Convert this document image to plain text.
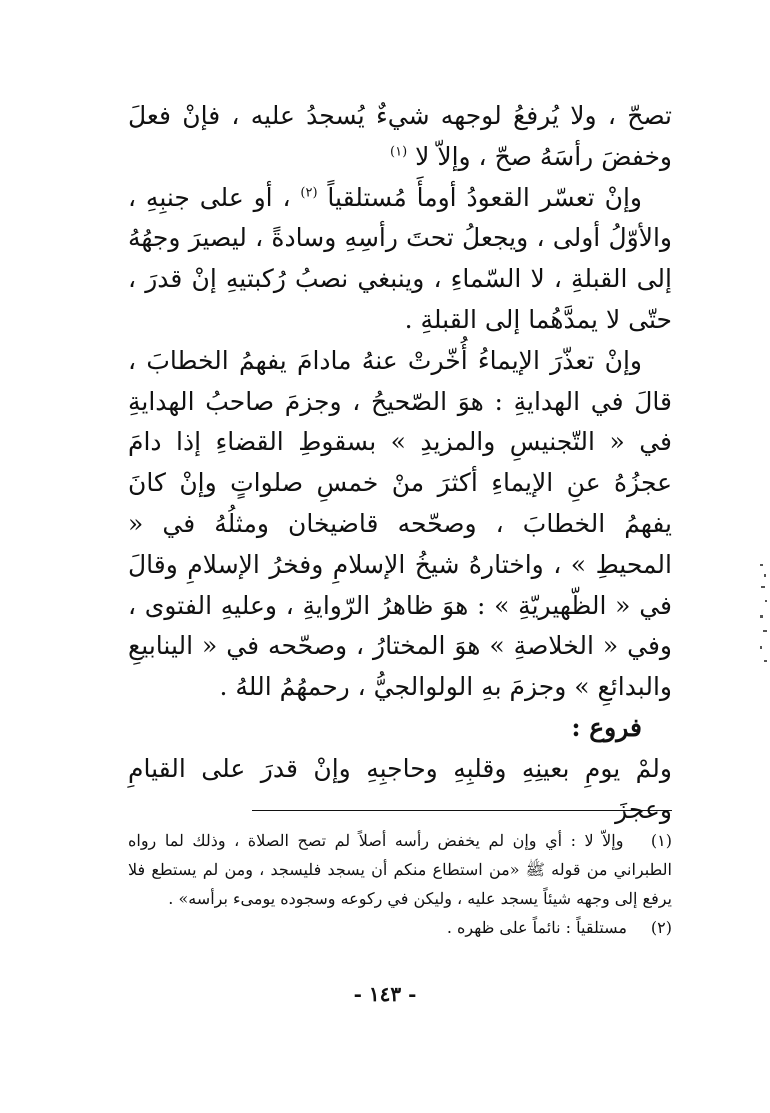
تصحّ ، ولا يُرفعُ لوجهه شيءٌ يُسجدُ عليه ، فإنْ فعلَ وخفضَ رأسَهُ صحّ ، وإلاّ لا $^{(١)}$

وإنْ تعسّر القعودُ أومأَ مُستلقياً $^{(٢)}$ ، أو على جنبِهِ ، والأوّلُ أولى ، ويجعلُ تحتَ رأسِهِ وسادةً ، ليصيرَ وجهُهُ إلى القبلةِ ، لا السّماءِ ، وينبغي نصبُ رُكبتيهِ إنْ قدرَ ، حتّى لا يمدَّهُما إلى القبلةِ .

وإنْ تعذّرَ الإيماءُ أُخّرتْ عنهُ مادامَ يفهمُ الخطابَ ، قالَ في الهدايةِ : هوَ الصّحيحُ ، وجزمَ صاحبُ الهدايةِ في « التّجنيسِ والمزيدِ » بسقوطِ القضاءِ إذا دامَ عجزُهُ عنِ الإيماءِ أكثرَ منْ خمسِ صلواتٍ وإنْ كانَ يفهمُ الخطابَ ، وصحّحه قاضيخان ومثلُهُ في « المحيطِ » ، واختارهُ شيخُ الإسلامِ وفخرُ الإسلامِ وقالَ في « الظّهيريّةِ » : هوَ ظاهرُ الرّوايةِ ، وعليهِ الفتوى ، وفي « الخلاصةِ » هوَ المختارُ ، وصحّحه في « الينابيعِ والبدائعِ » وجزمَ بهِ الولوالجيُّ ، رحمهُمُ اللهُ .

فروع :

ولمْ يومِ بعينِهِ وقلبِهِ وحاجبِهِ وإنْ قدرَ على القيامِ وعجزَ

(١) وإلاّ لا : أي وإن لم يخفض رأسه أصلاً لم تصح الصلاة ، وذلك لما رواه الطبراني من قوله ﷺ «من استطاع منكم أن يسجد فليسجد ، ومن لم يستطع فلا يرفع إلى وجهه شيئاً يسجد عليه ، وليكن في ركوعه وسجوده يومىء برأسه» .

(٢) مستلقياً : نائماً على ظهره .

- ١٤٣ -
